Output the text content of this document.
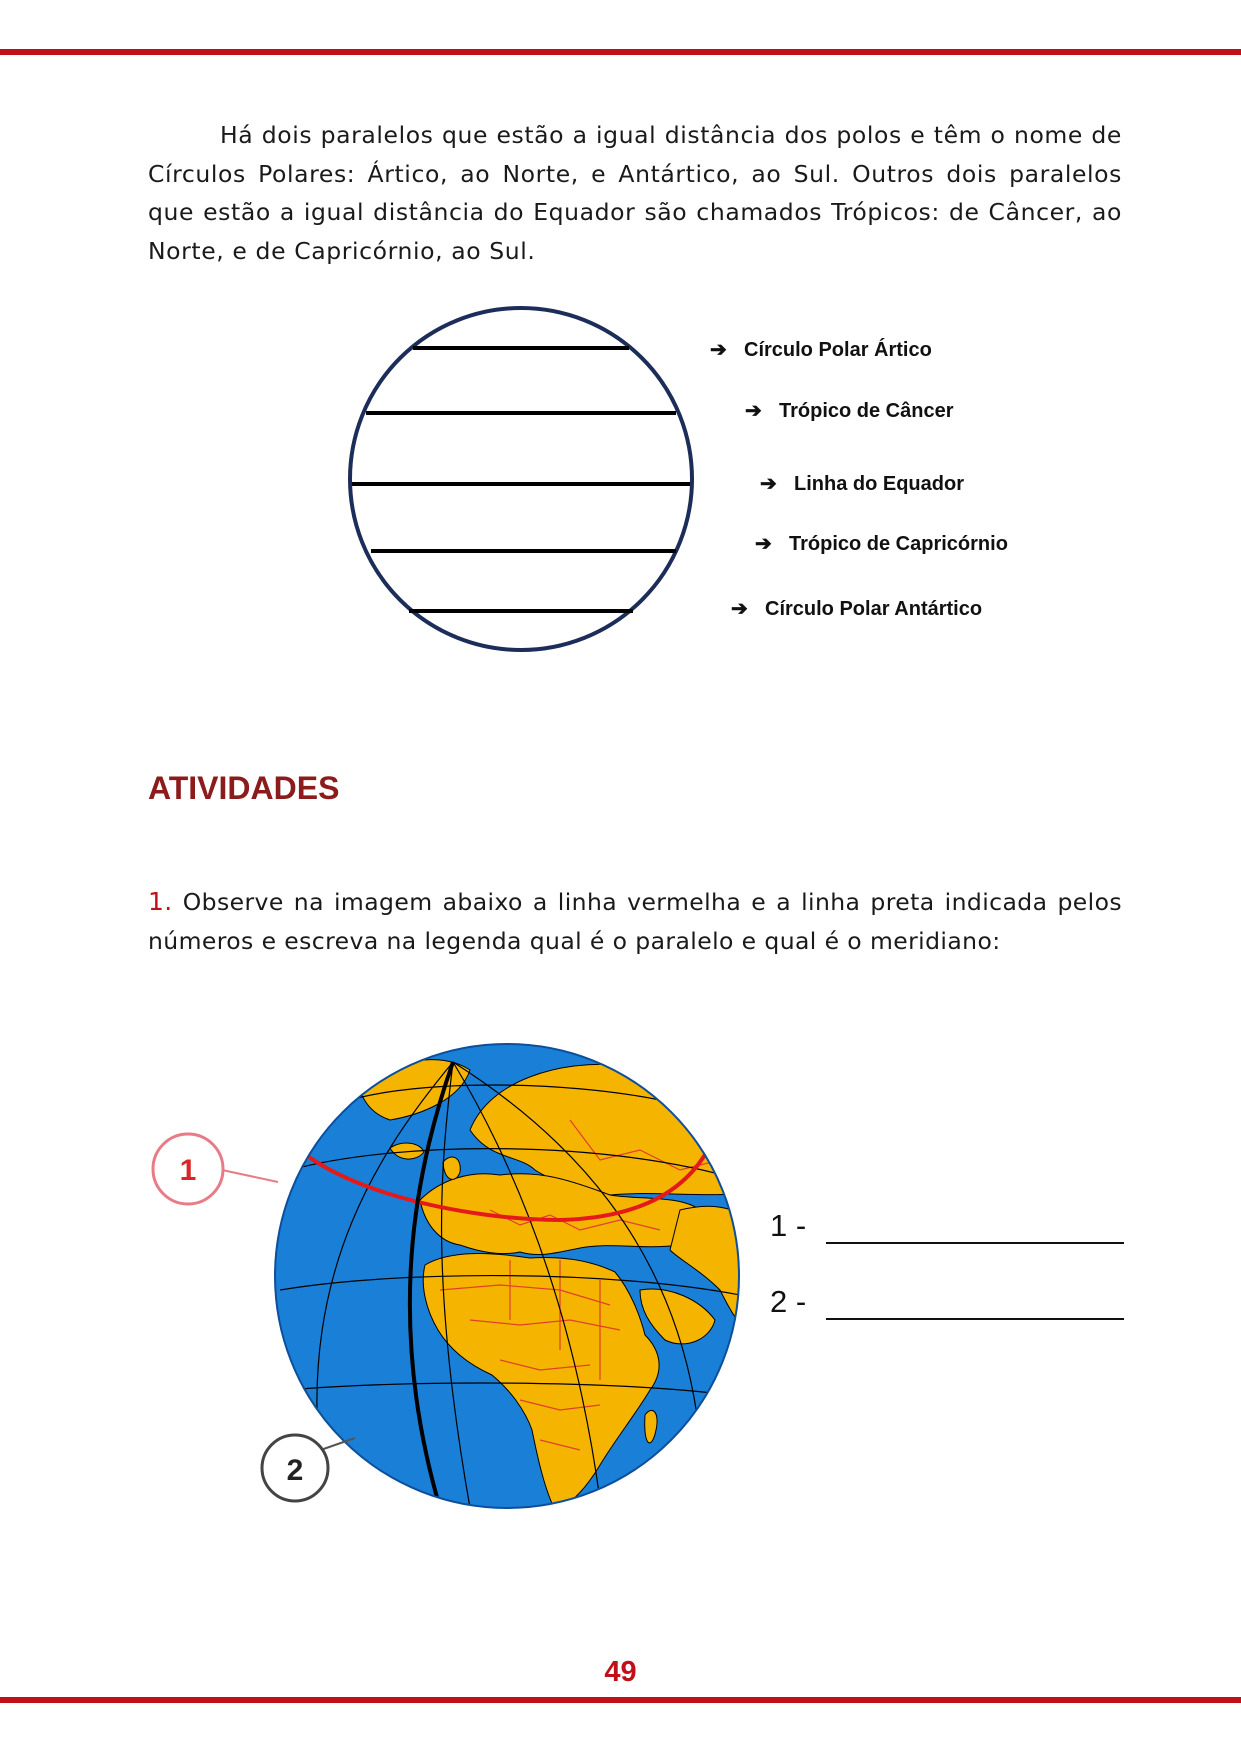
Há dois paralelos que estão a igual distância dos polos e têm o nome de Círculos Polares: Ártico, ao Norte, e Antártico, ao Sul. Outros dois paralelos que estão a igual distância do Equador são chamados Trópicos: de Câncer, ao Norte, e de Capricórnio, ao Sul.
➔ Círculo Polar Ártico
➔ Trópico de Câncer
➔ Linha do Equador
➔ Trópico de Capricórnio
➔ Círculo Polar Antártico
ATIVIDADES
1. Observe na imagem abaixo a linha vermelha e a linha preta indicada pelos números e escreva na legenda qual é o paralelo e qual é o meridiano:
1
2
1 -
2 -
49
